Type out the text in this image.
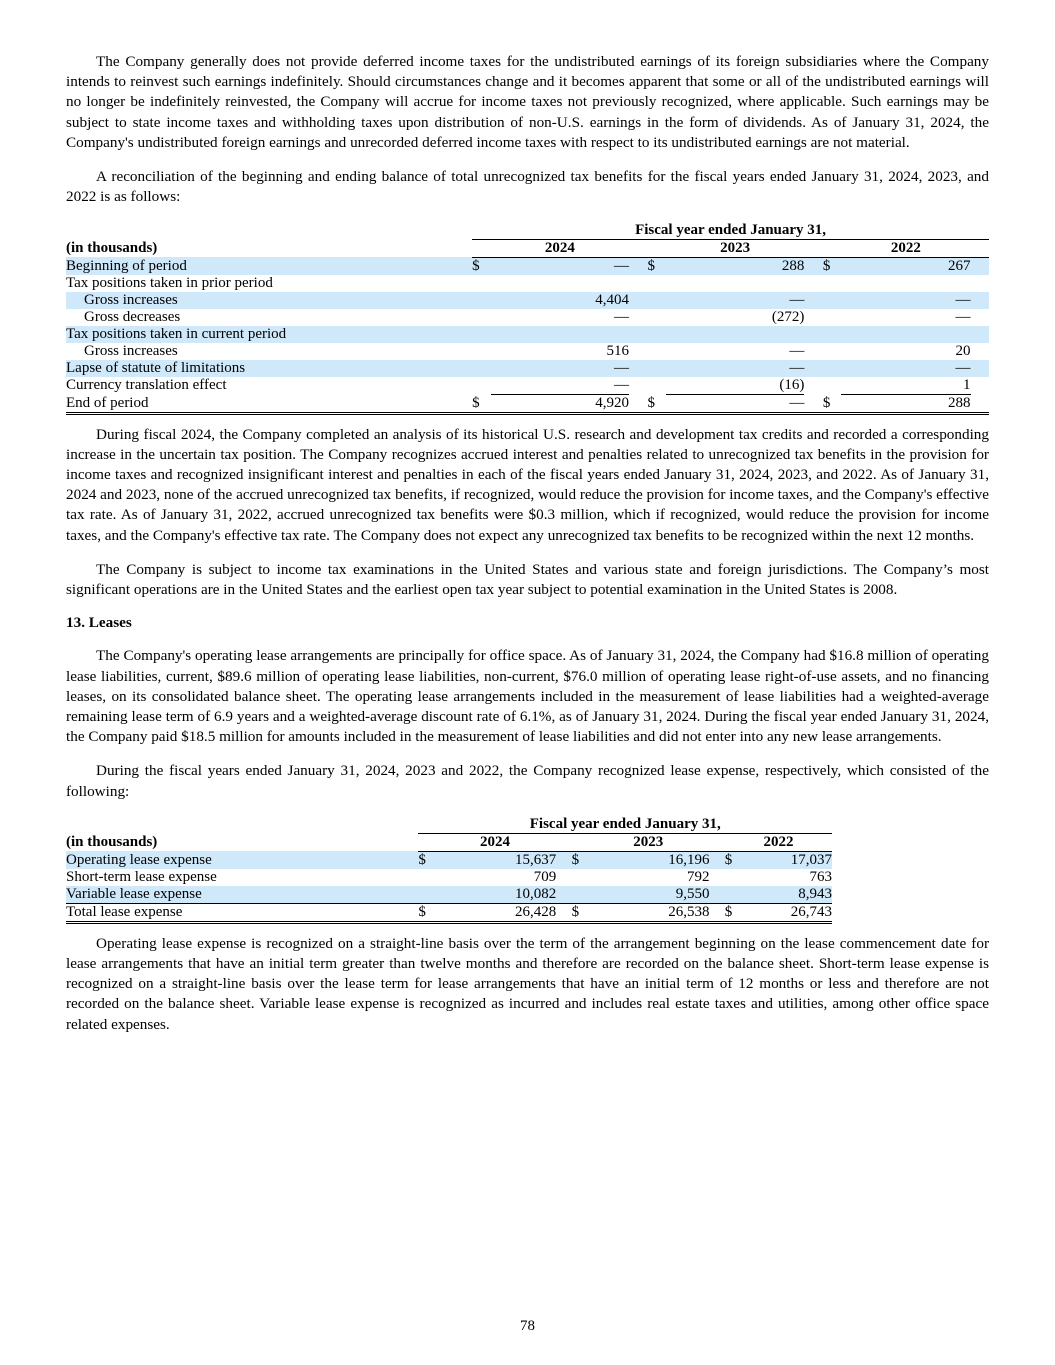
The Company generally does not provide deferred income taxes for the undistributed earnings of its foreign subsidiaries where the Company intends to reinvest such earnings indefinitely. Should circumstances change and it becomes apparent that some or all of the undistributed earnings will no longer be indefinitely reinvested, the Company will accrue for income taxes not previously recognized, where applicable. Such earnings may be subject to state income taxes and withholding taxes upon distribution of non-U.S. earnings in the form of dividends. As of January 31, 2024, the Company's undistributed foreign earnings and unrecorded deferred income taxes with respect to its undistributed earnings are not material.

A reconciliation of the beginning and ending balance of total unrecognized tax benefits for the fiscal years ended January 31, 2024, 2023, and 2022 is as follows:

	Fiscal year ended January 31,								
(in thousands)	2024			2023			2022		
Beginning of period	$	—		$	288		$	267	
Tax positions taken in prior period									
Gross increases		4,404			—			—	
Gross decreases		—			(272)			—	
Tax positions taken in current period									
Gross increases		516			—			20	
Lapse of statute of limitations		—			—			—	
Currency translation effect		—			(16)			1	
End of period	$	4,920		$	—		$	288	

During fiscal 2024, the Company completed an analysis of its historical U.S. research and development tax credits and recorded a corresponding increase in the uncertain tax position. The Company recognizes accrued interest and penalties related to unrecognized tax benefits in the provision for income taxes and recognized insignificant interest and penalties in each of the fiscal years ended January 31, 2024, 2023, and 2022. As of January 31, 2024 and 2023, none of the accrued unrecognized tax benefits, if recognized, would reduce the provision for income taxes, and the Company's effective tax rate. As of January 31, 2022, accrued unrecognized tax benefits were $0.3 million, which if recognized, would reduce the provision for income taxes, and the Company's effective tax rate. The Company does not expect any unrecognized tax benefits to be recognized within the next 12 months.

The Company is subject to income tax examinations in the United States and various state and foreign jurisdictions. The Company’s most significant operations are in the United States and the earliest open tax year subject to potential examination in the United States is 2008.

13. Leases

The Company's operating lease arrangements are principally for office space. As of January 31, 2024, the Company had $16.8 million of operating lease liabilities, current, $89.6 million of operating lease liabilities, non-current, $76.0 million of operating lease right-of-use assets, and no financing leases, on its consolidated balance sheet. The operating lease arrangements included in the measurement of lease liabilities had a weighted-average remaining lease term of 6.9 years and a weighted-average discount rate of 6.1%, as of January 31, 2024. During the fiscal year ended January 31, 2024, the Company paid $18.5 million for amounts included in the measurement of lease liabilities and did not enter into any new lease arrangements.

During the fiscal years ended January 31, 2024, 2023 and 2022, the Company recognized lease expense, respectively, which consisted of the following:

	Fiscal year ended January 31,								
(in thousands)	2024			2023			2022		
Operating lease expense	$	15,637		$	16,196		$	17,037	
Short-term lease expense		709			792			763	
Variable lease expense		10,082			9,550			8,943	
Total lease expense	$	26,428		$	26,538		$	26,743	

Operating lease expense is recognized on a straight-line basis over the term of the arrangement beginning on the lease commencement date for lease arrangements that have an initial term greater than twelve months and therefore are recorded on the balance sheet. Short-term lease expense is recognized on a straight-line basis over the lease term for lease arrangements that have an initial term of 12 months or less and therefore are not recorded on the balance sheet. Variable lease expense is recognized as incurred and includes real estate taxes and utilities, among other office space related expenses.

78
